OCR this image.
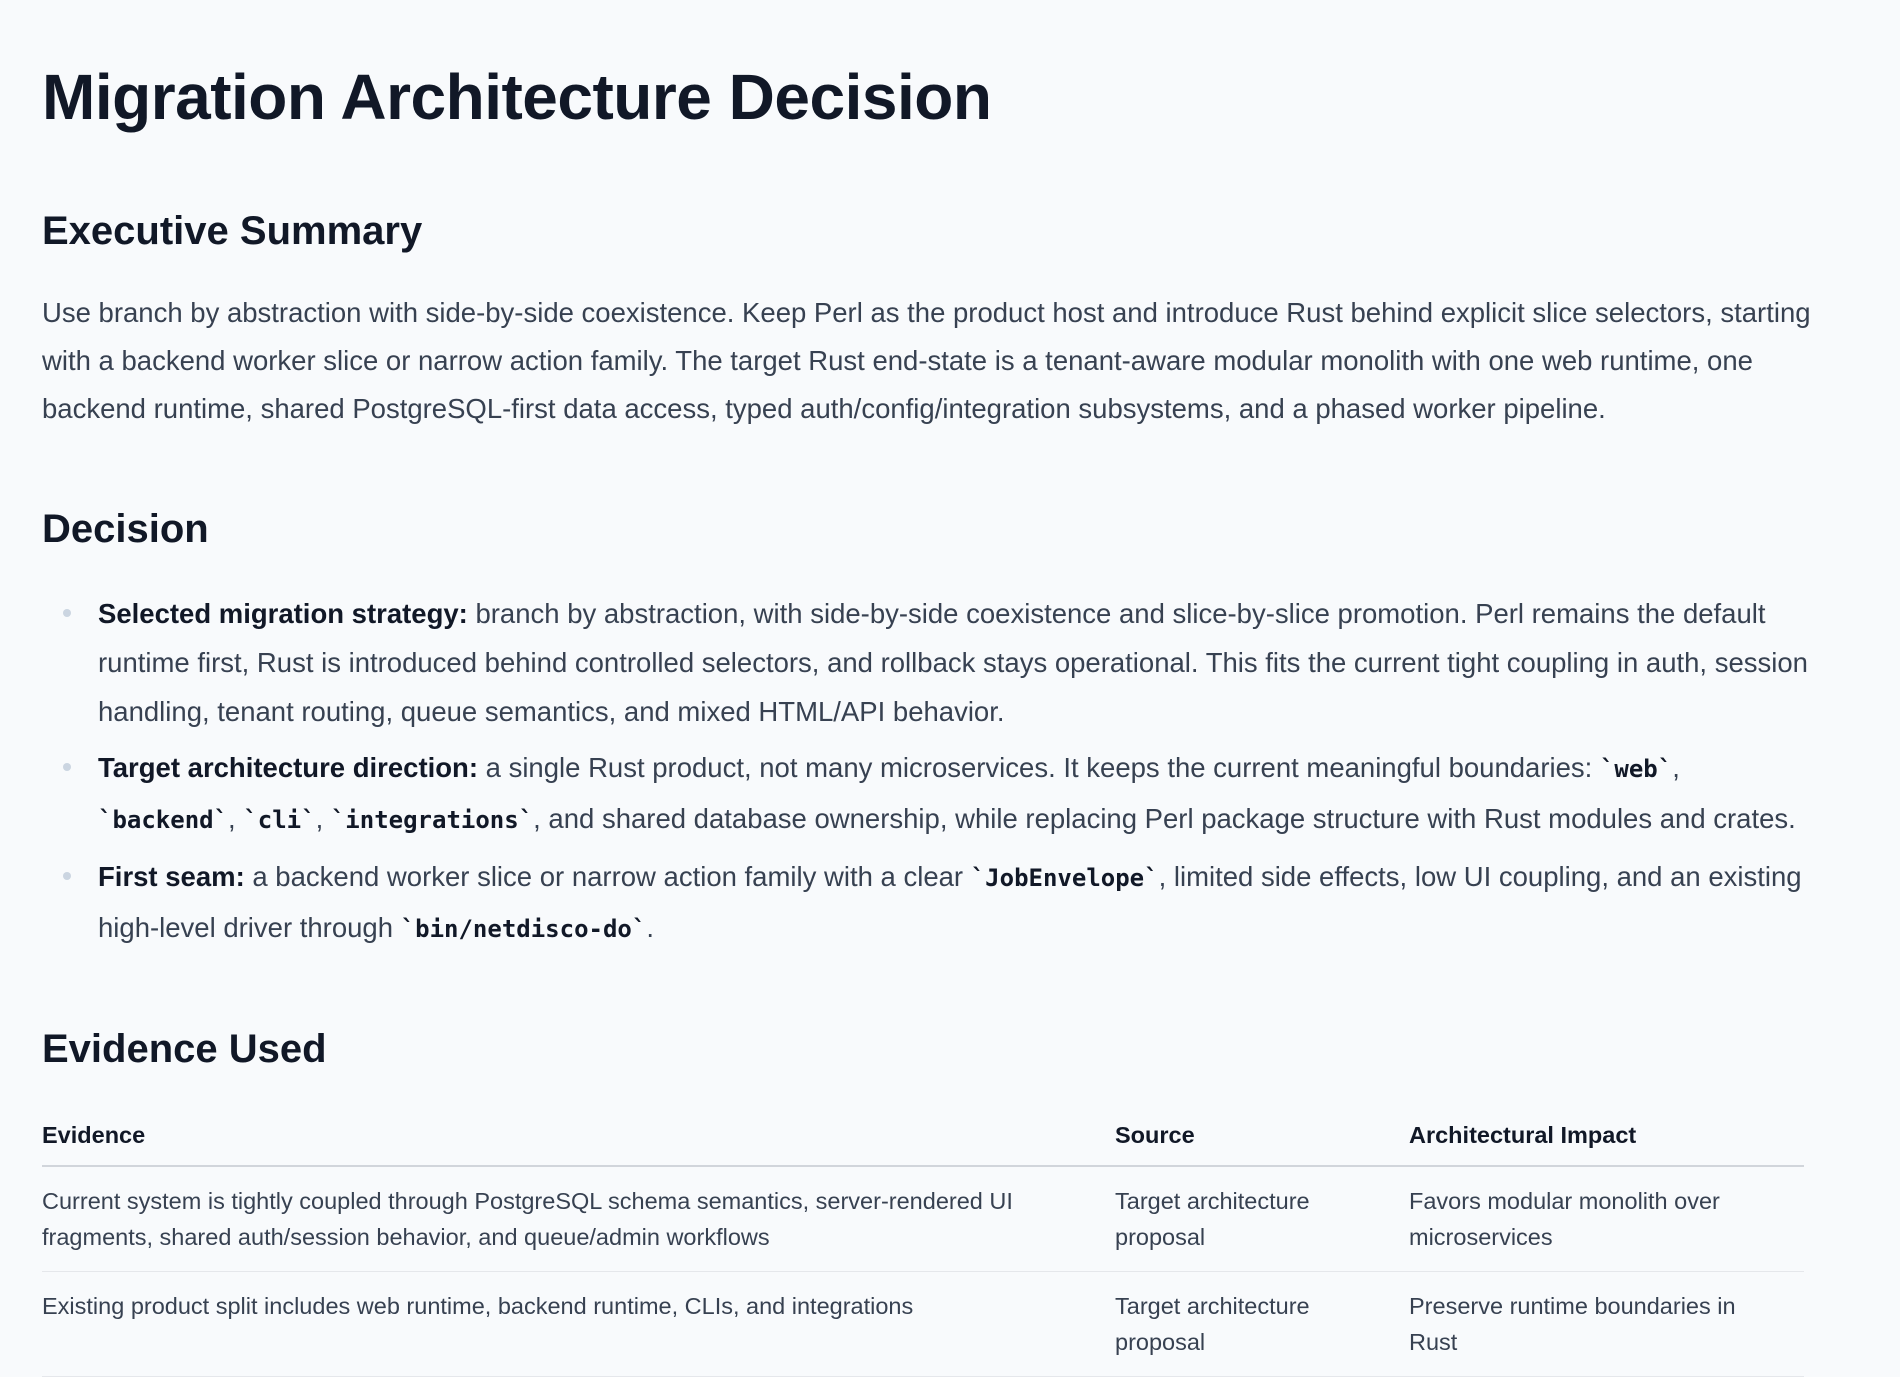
Migration Architecture Decision
Executive Summary

Use branch by abstraction with side-by-side coexistence. Keep Perl as the product host and introduce Rust behind explicit slice selectors, starting with a backend worker slice or narrow action family. The target Rust end-state is a tenant-aware modular monolith with one web runtime, one backend runtime, shared PostgreSQL-first data access, typed auth/config/integration subsystems, and a phased worker pipeline.

Decision
Selected migration strategy: branch by abstraction, with side-by-side coexistence and slice-by-slice promotion. Perl remains the default runtime first, Rust is introduced behind controlled selectors, and rollback stays operational. This fits the current tight coupling in auth, session handling, tenant routing, queue semantics, and mixed HTML/API behavior.
Target architecture direction: a single Rust product, not many microservices. It keeps the current meaningful boundaries: `web`, `backend`, `cli`, `integrations`, and shared database ownership, while replacing Perl package structure with Rust modules and crates.
First seam: a backend worker slice or narrow action family with a clear `JobEnvelope`, limited side effects, low UI coupling, and an existing high-level driver through `bin/netdisco-do`.
Evidence Used
Evidence	Source	Architectural Impact
Current system is tightly coupled through PostgreSQL schema semantics, server-rendered UI fragments, shared auth/session behavior, and queue/admin workflows	Target architecture proposal	Favors modular monolith over microservices
Existing product split includes web runtime, backend runtime, CLIs, and integrations	Target architecture proposal	Preserve runtime boundaries in Rust
